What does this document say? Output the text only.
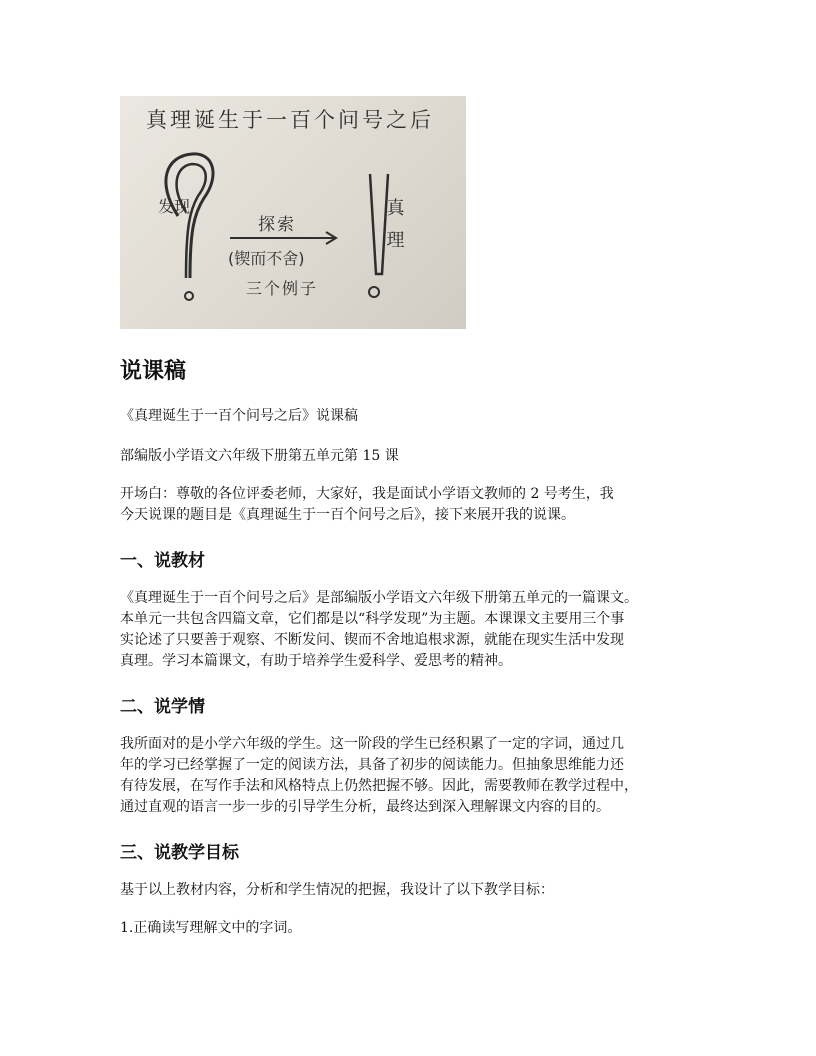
真理诞生于一百个问号之后
发现
探索
(锲而不舍)
三个例子
真理
说课稿

《真理诞生于一百个问号之后》说课稿

部编版小学语文六年级下册第五单元第 15 课

开场白：尊敬的各位评委老师，大家好，我是面试小学语文教师的 2 号考生，我

今天说课的题目是《真理诞生于一百个问号之后》，接下来展开我的说课。

一、说教材

《真理诞生于一百个问号之后》是部编版小学语文六年级下册第五单元的一篇课文。

本单元一共包含四篇文章，它们都是以“科学发现”为主题。本课课文主要用三个事

实论述了只要善于观察、不断发问、锲而不舍地追根求源，就能在现实生活中发现

真理。学习本篇课文，有助于培养学生爱科学、爱思考的精神。

二、说学情

我所面对的是小学六年级的学生。这一阶段的学生已经积累了一定的字词，通过几

年的学习已经掌握了一定的阅读方法，具备了初步的阅读能力。但抽象思维能力还

有待发展，在写作手法和风格特点上仍然把握不够。因此，需要教师在教学过程中，

通过直观的语言一步一步的引导学生分析，最终达到深入理解课文内容的目的。

三、说教学目标

基于以上教材内容，分析和学生情况的把握，我设计了以下教学目标：

1.正确读写理解文中的字词。
